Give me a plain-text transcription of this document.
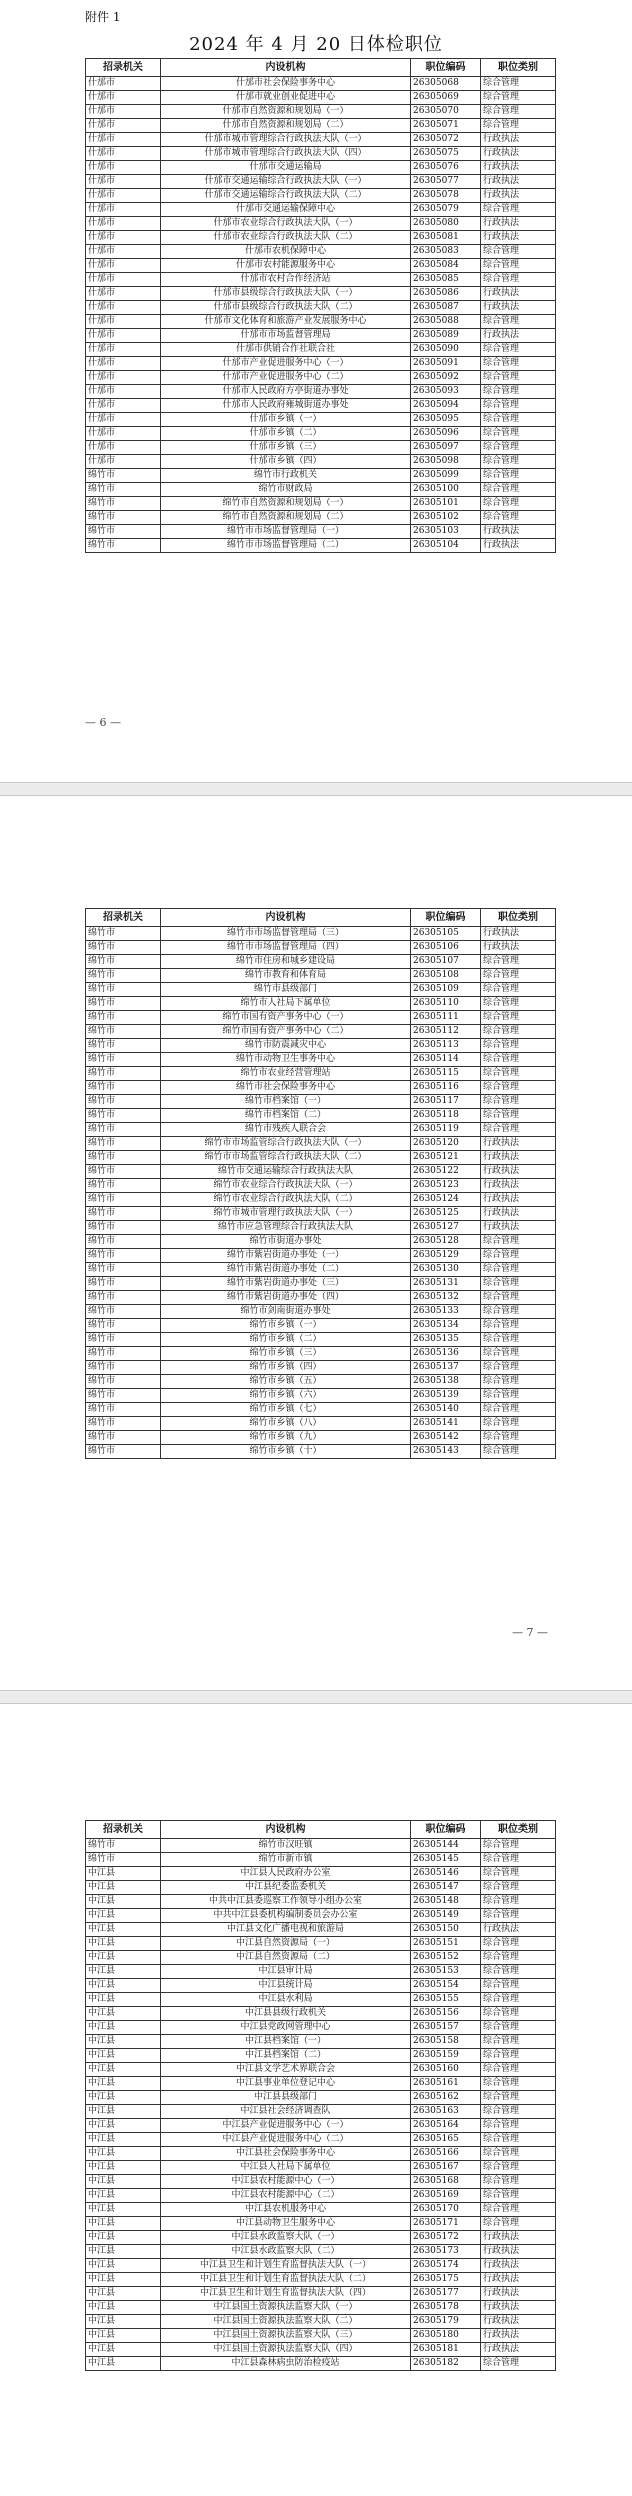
附件 1
2024 年 4 月 20 日体检职位
招录机关	内设机构	职位编码	职位类别
什邡市	什邡市社会保险事务中心	26305068	综合管理
什邡市	什邡市就业创业促进中心	26305069	综合管理
什邡市	什邡市自然资源和规划局（一）	26305070	综合管理
什邡市	什邡市自然资源和规划局（二）	26305071	综合管理
什邡市	什邡市城市管理综合行政执法大队（一）	26305072	行政执法
什邡市	什邡市城市管理综合行政执法大队（四）	26305075	行政执法
什邡市	什邡市交通运输局	26305076	行政执法
什邡市	什邡市交通运输综合行政执法大队（一）	26305077	行政执法
什邡市	什邡市交通运输综合行政执法大队（二）	26305078	行政执法
什邡市	什邡市交通运输保障中心	26305079	综合管理
什邡市	什邡市农业综合行政执法大队（一）	26305080	行政执法
什邡市	什邡市农业综合行政执法大队（二）	26305081	行政执法
什邡市	什邡市农机保障中心	26305083	综合管理
什邡市	什邡市农村能源服务中心	26305084	综合管理
什邡市	什邡市农村合作经济站	26305085	综合管理
什邡市	什邡市县级综合行政执法大队（一）	26305086	行政执法
什邡市	什邡市县级综合行政执法大队（二）	26305087	行政执法
什邡市	什邡市文化体育和旅游产业发展服务中心	26305088	综合管理
什邡市	什邡市市场监督管理局	26305089	行政执法
什邡市	什邡市供销合作社联合社	26305090	综合管理
什邡市	什邡市产业促进服务中心（一）	26305091	综合管理
什邡市	什邡市产业促进服务中心（二）	26305092	综合管理
什邡市	什邡市人民政府方亭街道办事处	26305093	综合管理
什邡市	什邡市人民政府雍城街道办事处	26305094	综合管理
什邡市	什邡市乡镇（一）	26305095	综合管理
什邡市	什邡市乡镇（二）	26305096	综合管理
什邡市	什邡市乡镇（三）	26305097	综合管理
什邡市	什邡市乡镇（四）	26305098	综合管理
绵竹市	绵竹市行政机关	26305099	综合管理
绵竹市	绵竹市财政局	26305100	综合管理
绵竹市	绵竹市自然资源和规划局（一）	26305101	综合管理
绵竹市	绵竹市自然资源和规划局（二）	26305102	综合管理
绵竹市	绵竹市市场监督管理局（一）	26305103	行政执法
绵竹市	绵竹市市场监督管理局（二）	26305104	行政执法
— 6 —
招录机关	内设机构	职位编码	职位类别
绵竹市	绵竹市市场监督管理局（三）	26305105	行政执法
绵竹市	绵竹市市场监督管理局（四）	26305106	行政执法
绵竹市	绵竹市住房和城乡建设局	26305107	综合管理
绵竹市	绵竹市教育和体育局	26305108	综合管理
绵竹市	绵竹市县级部门	26305109	综合管理
绵竹市	绵竹市人社局下属单位	26305110	综合管理
绵竹市	绵竹市国有资产事务中心（一）	26305111	综合管理
绵竹市	绵竹市国有资产事务中心（二）	26305112	综合管理
绵竹市	绵竹市防震减灾中心	26305113	综合管理
绵竹市	绵竹市动物卫生事务中心	26305114	综合管理
绵竹市	绵竹市农业经营管理站	26305115	综合管理
绵竹市	绵竹市社会保险事务中心	26305116	综合管理
绵竹市	绵竹市档案馆（一）	26305117	综合管理
绵竹市	绵竹市档案馆（二）	26305118	综合管理
绵竹市	绵竹市残疾人联合会	26305119	综合管理
绵竹市	绵竹市市场监管综合行政执法大队（一）	26305120	行政执法
绵竹市	绵竹市市场监管综合行政执法大队（二）	26305121	行政执法
绵竹市	绵竹市交通运输综合行政执法大队	26305122	行政执法
绵竹市	绵竹市农业综合行政执法大队（一）	26305123	行政执法
绵竹市	绵竹市农业综合行政执法大队（二）	26305124	行政执法
绵竹市	绵竹市城市管理行政执法大队（一）	26305125	行政执法
绵竹市	绵竹市应急管理综合行政执法大队	26305127	行政执法
绵竹市	绵竹市街道办事处	26305128	综合管理
绵竹市	绵竹市紫岩街道办事处（一）	26305129	综合管理
绵竹市	绵竹市紫岩街道办事处（二）	26305130	综合管理
绵竹市	绵竹市紫岩街道办事处（三）	26305131	综合管理
绵竹市	绵竹市紫岩街道办事处（四）	26305132	综合管理
绵竹市	绵竹市剑南街道办事处	26305133	综合管理
绵竹市	绵竹市乡镇（一）	26305134	综合管理
绵竹市	绵竹市乡镇（二）	26305135	综合管理
绵竹市	绵竹市乡镇（三）	26305136	综合管理
绵竹市	绵竹市乡镇（四）	26305137	综合管理
绵竹市	绵竹市乡镇（五）	26305138	综合管理
绵竹市	绵竹市乡镇（六）	26305139	综合管理
绵竹市	绵竹市乡镇（七）	26305140	综合管理
绵竹市	绵竹市乡镇（八）	26305141	综合管理
绵竹市	绵竹市乡镇（九）	26305142	综合管理
绵竹市	绵竹市乡镇（十）	26305143	综合管理
— 7 —
招录机关	内设机构	职位编码	职位类别
绵竹市	绵竹市汉旺镇	26305144	综合管理
绵竹市	绵竹市新市镇	26305145	综合管理
中江县	中江县人民政府办公室	26305146	综合管理
中江县	中江县纪委监委机关	26305147	综合管理
中江县	中共中江县委巡察工作领导小组办公室	26305148	综合管理
中江县	中共中江县委机构编制委员会办公室	26305149	综合管理
中江县	中江县文化广播电视和旅游局	26305150	行政执法
中江县	中江县自然资源局（一）	26305151	综合管理
中江县	中江县自然资源局（二）	26305152	综合管理
中江县	中江县审计局	26305153	综合管理
中江县	中江县统计局	26305154	综合管理
中江县	中江县水利局	26305155	综合管理
中江县	中江县县级行政机关	26305156	综合管理
中江县	中江县党政网管理中心	26305157	综合管理
中江县	中江县档案馆（一）	26305158	综合管理
中江县	中江县档案馆（二）	26305159	综合管理
中江县	中江县文学艺术界联合会	26305160	综合管理
中江县	中江县事业单位登记中心	26305161	综合管理
中江县	中江县县级部门	26305162	综合管理
中江县	中江县社会经济调查队	26305163	综合管理
中江县	中江县产业促进服务中心（一）	26305164	综合管理
中江县	中江县产业促进服务中心（二）	26305165	综合管理
中江县	中江县社会保险事务中心	26305166	综合管理
中江县	中江县人社局下属单位	26305167	综合管理
中江县	中江县农村能源中心（一）	26305168	综合管理
中江县	中江县农村能源中心（二）	26305169	综合管理
中江县	中江县农机服务中心	26305170	综合管理
中江县	中江县动物卫生服务中心	26305171	综合管理
中江县	中江县水政监察大队（一）	26305172	行政执法
中江县	中江县水政监察大队（二）	26305173	行政执法
中江县	中江县卫生和计划生育监督执法大队（一）	26305174	行政执法
中江县	中江县卫生和计划生育监督执法大队（二）	26305175	行政执法
中江县	中江县卫生和计划生育监督执法大队（四）	26305177	行政执法
中江县	中江县国土资源执法监察大队（一）	26305178	行政执法
中江县	中江县国土资源执法监察大队（二）	26305179	行政执法
中江县	中江县国土资源执法监察大队（三）	26305180	行政执法
中江县	中江县国土资源执法监察大队（四）	26305181	行政执法
中江县	中江县森林病虫防治检疫站	26305182	综合管理
